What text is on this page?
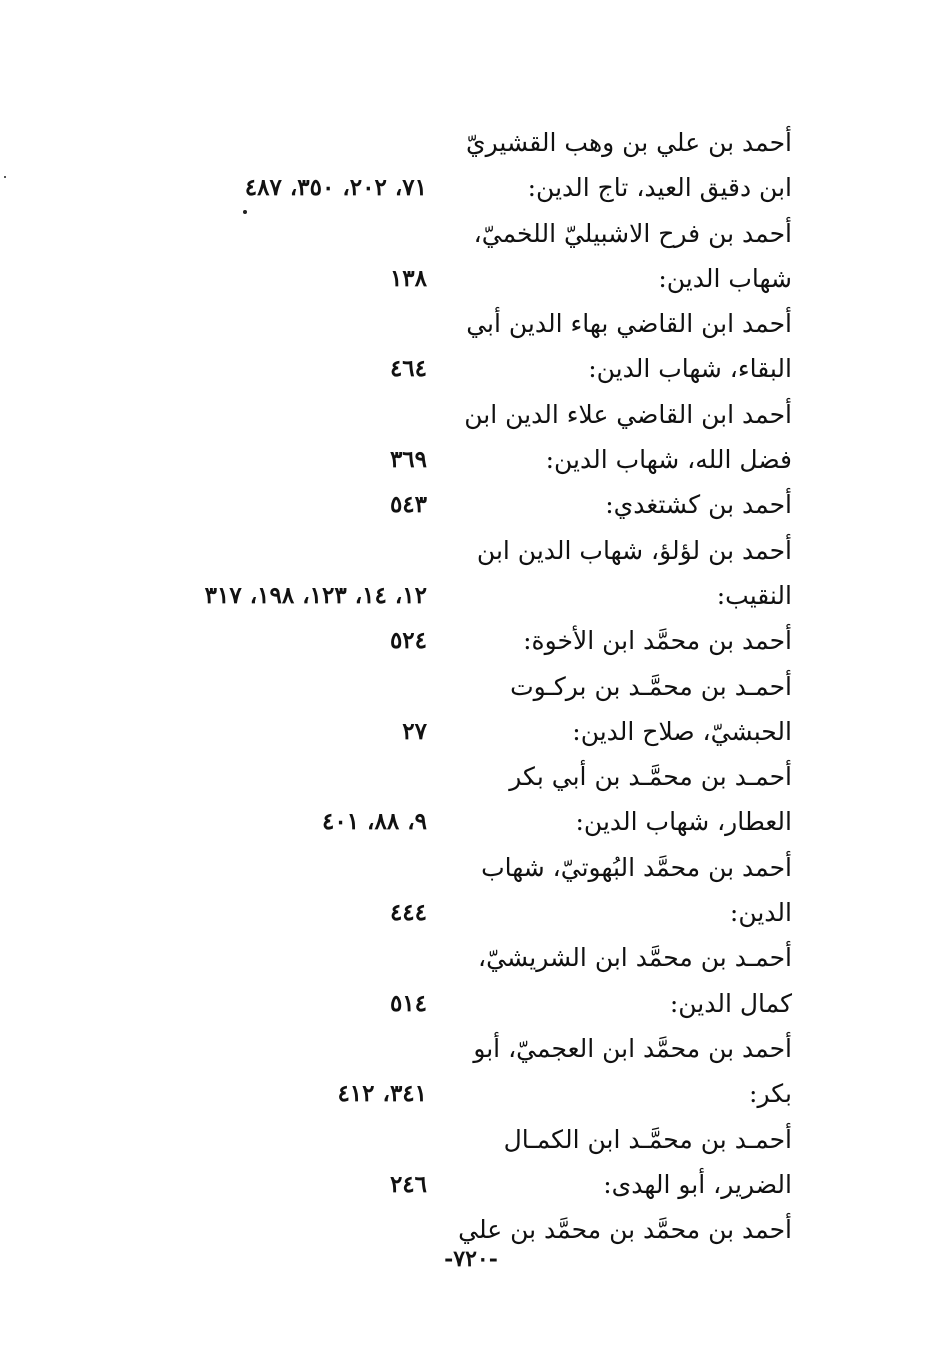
أحمد بن علي بن وهب القشيريّ
ابن دقيق العيد، تاج الدين:
٧١، ٢٠٢، ٣٥٠، ٤٨٧
أحمد بن فرح الاشبيليّ اللخميّ،
شهاب الدين:
١٣٨
أحمد ابن القاضي بهاء الدين أبي
البقاء، شهاب الدين:
٤٦٤
أحمد ابن القاضي علاء الدين ابن
فضل الله، شهاب الدين:
٣٦٩
أحمد بن كشتغدي:
٥٤٣
أحمد بن لؤلؤ، شهاب الدين ابن
النقيب:
١٢، ١٤، ١٢٣، ١٩٨، ٣١٧
أحمد بن محمَّد ابن الأخوة:
٥٢٤
أحمـد بن محمَّـد بن بركـوت
الحبشيّ، صلاح الدين:
٢٧
أحمـد بن محمَّـد بن أبي بكر
العطار، شهاب الدين:
٩، ٨٨، ٤٠١
أحمد بن محمَّد البُهوتيّ، شهاب
الدين:
٤٤٤
أحمـد بن محمَّد ابن الشريشيّ،
كمال الدين:
٥١٤
أحمد بن محمَّد ابن العجميّ، أبو
بكر:
٣٤١، ٤١٢
أحمـد بن محمَّـد ابن الكمـال
الضرير، أبو الهدى:
٢٤٦
أحمد بن محمَّد بن محمَّد بن علي
-٧٢٠-
